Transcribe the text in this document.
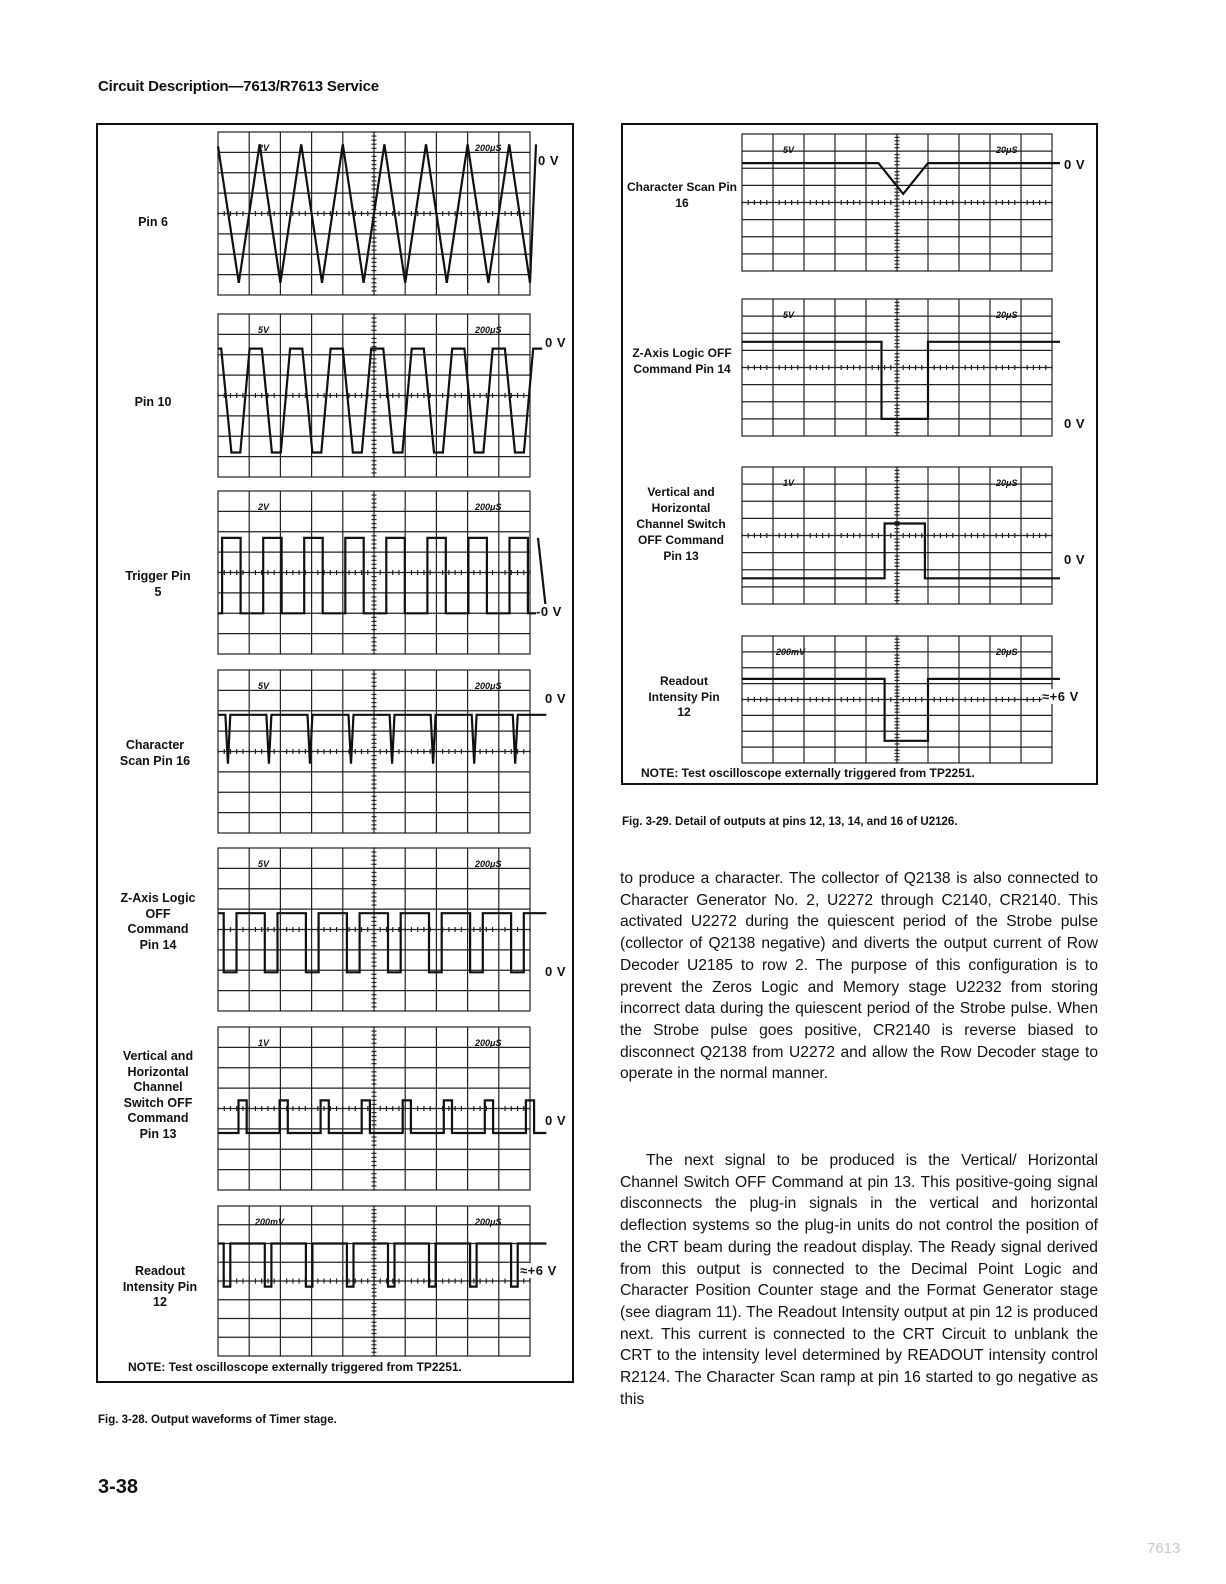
Circuit Description—7613/R7613 Service
Pin 6
2V	200μS
0 V
Pin 10
5V	200μS
0 V
Trigger Pin 5
2V	200μS
-0 V
Character Scan Pin 16
5V	200μS
0 V
Z-Axis Logic OFF Command Pin 14
5V	200μS
0 V
Vertical and Horizontal Channel Switch OFF Command Pin 13
1V	200μS
0 V
Readout Intensity Pin 12
200mV	200μS
≈+6 V
NOTE: Test oscilloscope externally triggered from TP2251.
Fig. 3-28. Output waveforms of Timer stage.
Character Scan Pin 16
5V	20μS
0 V
Z-Axis Logic OFF Command Pin 14
5V	20μS
0 V
Vertical and Horizontal Channel Switch OFF Command Pin 13
1V	20μS
0 V
Readout Intensity Pin 12
200mV	20μS
≈+6 V
NOTE: Test oscilloscope externally triggered from TP2251.
Fig. 3-29. Detail of outputs at pins 12, 13, 14, and 16 of U2126.

to produce a character. The collector of Q2138 is also connected to Character Generator No. 2, U2272 through C2140, CR2140. This activated U2272 during the quiescent period of the Strobe pulse (collector of Q2138 negative) and diverts the output current of Row Decoder U2185 to row 2. The purpose of this configuration is to prevent the Zeros Logic and Memory stage U2232 from storing incorrect data during the quiescent period of the Strobe pulse. When the Strobe pulse goes positive, CR2140 is reverse biased to disconnect Q2138 from U2272 and allow the Row Decoder stage to operate in the normal manner.

The next signal to be produced is the Vertical/ Horizontal Channel Switch OFF Command at pin 13. This positive-going signal disconnects the plug-in signals in the vertical and horizontal deflection systems so the plug-in units do not control the position of the CRT beam during the readout display. The Ready signal derived from this output is connected to the Decimal Point Logic and Character Position Counter stage and the Format Generator stage (see diagram 11). The Readout Intensity output at pin 12 is produced next. This current is connected to the CRT Circuit to unblank the CRT to the intensity level determined by READOUT intensity control R2124. The Character Scan ramp at pin 16 started to go negative as this

3-38
7613
